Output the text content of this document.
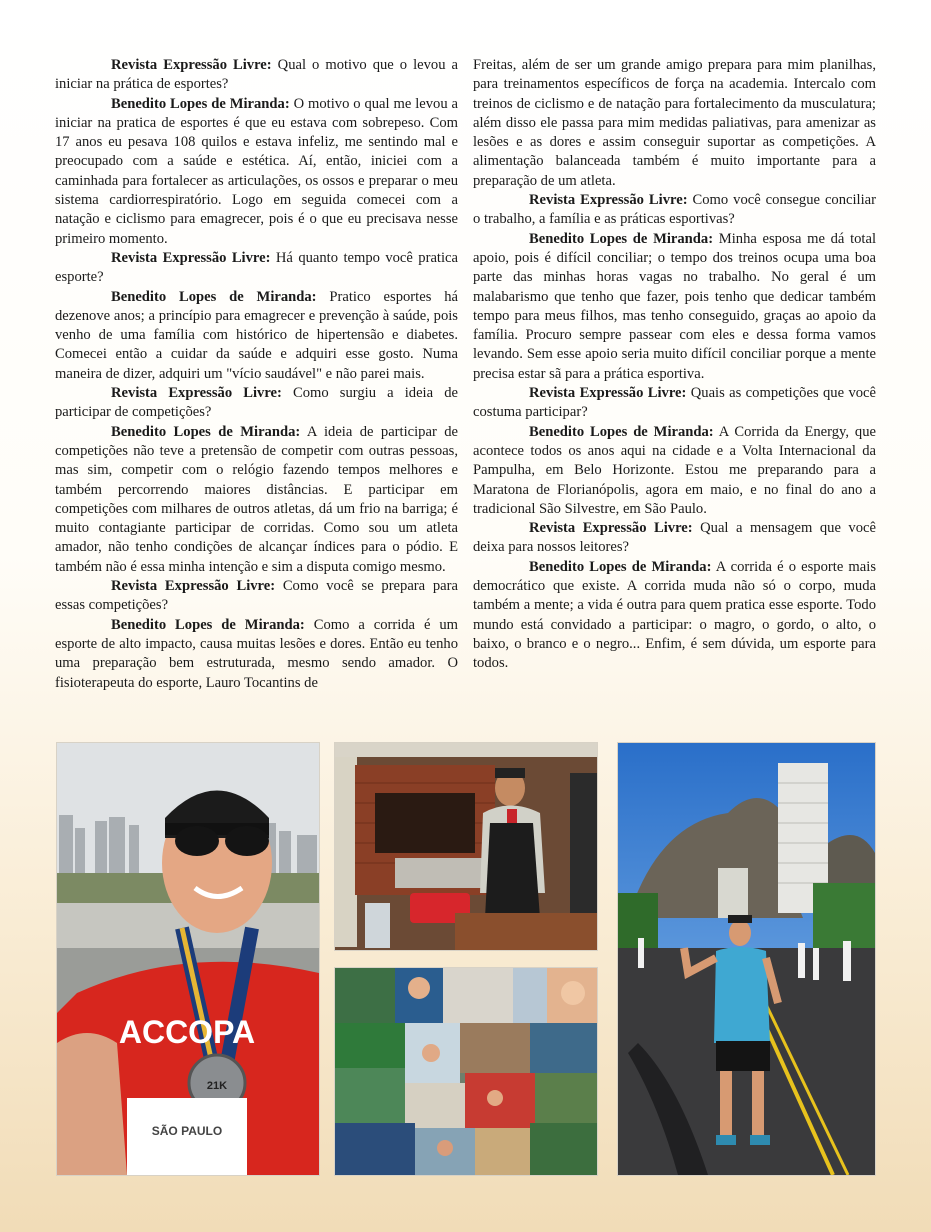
Revista Expressão Livre: Qual o motivo que o levou a iniciar na prática de esportes?

Benedito Lopes de Miranda: O motivo o qual me levou a iniciar na pratica de esportes é que eu estava com sobrepeso. Com 17 anos eu pesava 108 quilos e estava infeliz, me sentindo mal e preocupado com a saúde e estética. Aí, então, iniciei com a caminhada para fortalecer as articulações, os ossos e preparar o meu sistema cardiorrespiratório. Logo em seguida comecei com a natação e ciclismo para emagrecer, pois é o que eu precisava nesse primeiro momento.

Revista Expressão Livre: Há quanto tempo você pratica esporte?

Benedito Lopes de Miranda: Pratico esportes há dezenove anos; a princípio para emagrecer e prevenção à saúde, pois venho de uma família com histórico de hipertensão e diabetes. Comecei então a cuidar da saúde e adquiri esse gosto. Numa maneira de dizer, adquiri um "vício saudável" e não parei mais.

Revista Expressão Livre: Como surgiu a ideia de participar de competições?

Benedito Lopes de Miranda: A ideia de participar de competições não teve a pretensão de competir com outras pessoas, mas sim, competir com o relógio fazendo tempos melhores e também percorrendo maiores distâncias. E participar em competições com milhares de outros atletas, dá um frio na barriga; é muito contagiante participar de corridas. Como sou um atleta amador, não tenho condições de alcançar índices para o pódio. E também não é essa minha intenção e sim a disputa comigo mesmo.

Revista Expressão Livre: Como você se prepara para essas competições?

Benedito Lopes de Miranda: Como a corrida é um esporte de alto impacto, causa muitas lesões e dores. Então eu tenho uma preparação bem estruturada, mesmo sendo amador. O fisioterapeuta do esporte, Lauro Tocantins de

Freitas, além de ser um grande amigo prepara para mim planilhas, para treinamentos específicos de força na academia. Intercalo com treinos de ciclismo e de natação para fortalecimento da musculatura; além disso ele passa para mim medidas paliativas, para amenizar as lesões e as dores e assim conseguir suportar as competições. A alimentação balanceada também é muito importante para a preparação de um atleta.

Revista Expressão Livre: Como você consegue conciliar o trabalho, a família e as práticas esportivas?

Benedito Lopes de Miranda: Minha esposa me dá total apoio, pois é difícil conciliar; o tempo dos treinos ocupa uma boa parte das minhas horas vagas no trabalho. No geral é um malabarismo que tenho que fazer, pois tenho que dedicar também tempo para meus filhos, mas tenho conseguido, graças ao apoio da família. Procuro sempre passear com eles e dessa forma vamos levando. Sem esse apoio seria muito difícil conciliar porque a mente precisa estar sã para a prática esportiva.

Revista Expressão Livre: Quais as competições que você costuma participar?

Benedito Lopes de Miranda: A Corrida da Energy, que acontece todos os anos aqui na cidade e a Volta Internacional da Pampulha, em Belo Horizonte. Estou me preparando para a Maratona de Florianópolis, agora em maio, e no final do ano a tradicional São Silvestre, em São Paulo.

Revista Expressão Livre: Qual a mensagem que você deixa para nossos leitores?

Benedito Lopes de Miranda: A corrida é o esporte mais democrático que existe. A corrida muda não só o corpo, muda também a mente; a vida é outra para quem pratica esse esporte. Todo mundo está convidado a participar: o magro, o gordo, o alto, o baixo, o branco e o negro... Enfim, é sem dúvida, um esporte para todos.

21K
SÃO PAULO
ACCOPA
